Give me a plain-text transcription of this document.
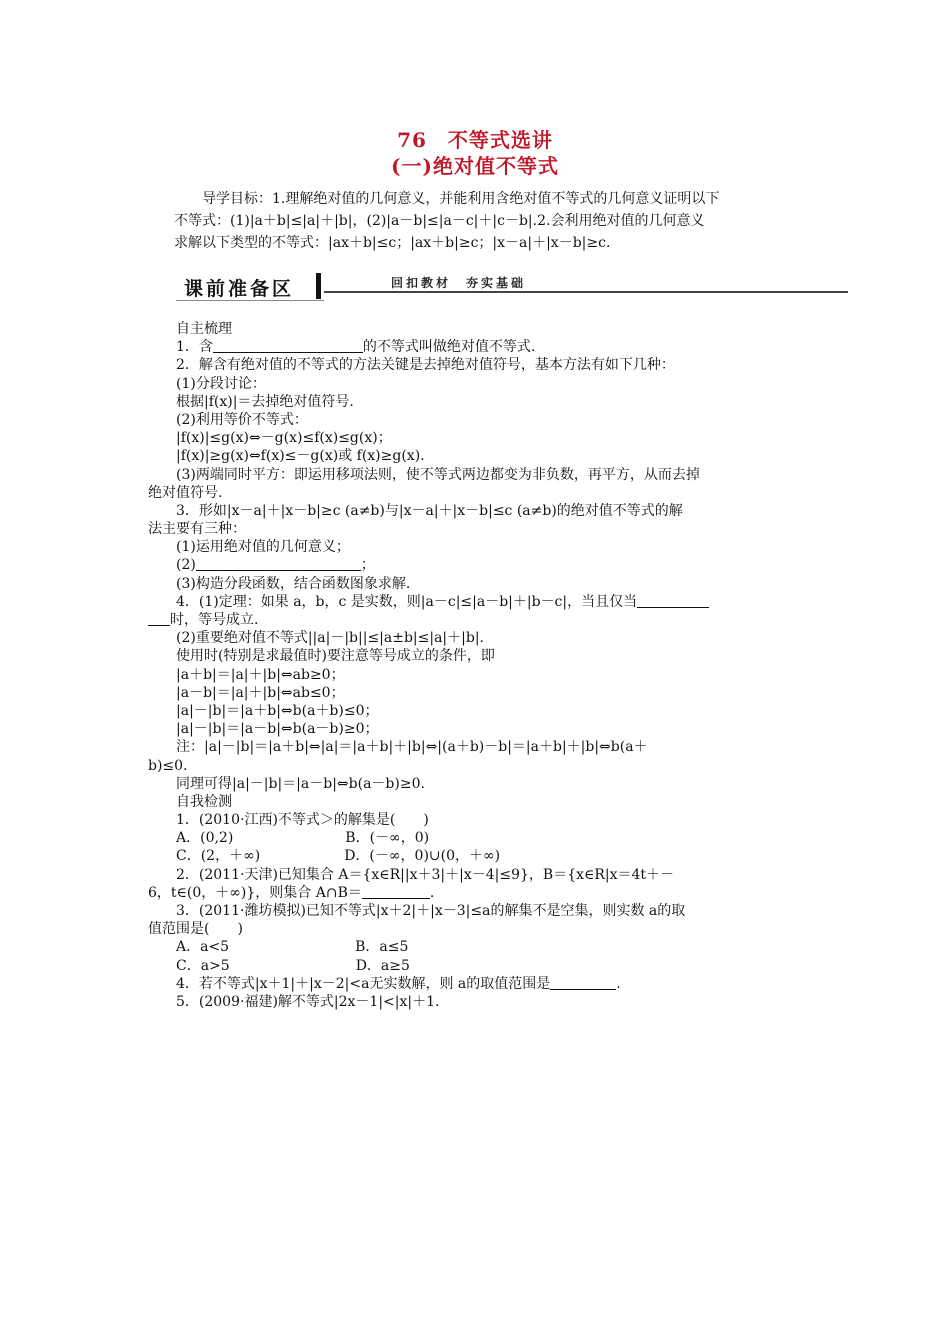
76　不等式选讲
(一)绝对值不等式

导学目标：1.理解绝对值的几何意义，并能利用含绝对值不等式的几何意义证明以下

不等式：(1)|a＋b|≤|a|＋|b|，(2)|a－b|≤|a－c|＋|c－b|.2.会利用绝对值的几何意义

求解以下类型的不等式：|ax＋b|≤c；|ax＋b|≥c；|x－a|＋|x－b|≥c.

课前准备区	回扣教材　夯实基础
自主梳理
1．含	的不等式叫做绝对值不等式.
2．解含有绝对值的不等式的方法关键是去掉绝对值符号，基本方法有如下几种：
(1)分段讨论：
根据|f(x)|＝去掉绝对值符号.
(2)利用等价不等式：
|f(x)|≤g(x)⇔－g(x)≤f(x)≤g(x)；
|f(x)|≥g(x)⇔f(x)≤－g(x)或 f(x)≥g(x).
(3)两端同时平方：即运用移项法则，使不等式两边都变为非负数，再平方，从而去掉
绝对值符号.
3．形如|x－a|＋|x－b|≥c (a≠b)与|x－a|＋|x－b|≤c (a≠b)的绝对值不等式的解
法主要有三种：
(1)运用绝对值的几何意义；
(2)	；
(3)构造分段函数，结合函数图象求解.
4．(1)定理：如果 a，b，c 是实数，则|a－c|≤|a－b|＋|b－c|，当且仅当
时，等号成立.
(2)重要绝对值不等式||a|－|b||≤|a±b|≤|a|＋|b|.
使用时(特别是求最值时)要注意等号成立的条件，即
|a＋b|＝|a|＋|b|⇔ab≥0；
|a－b|＝|a|＋|b|⇔ab≤0；
|a|－|b|＝|a＋b|⇔b(a＋b)≤0；
|a|－|b|＝|a－b|⇔b(a－b)≥0；
注：|a|－|b|＝|a＋b|⇔|a|＝|a＋b|＋|b|⇔|(a＋b)－b|＝|a＋b|＋|b|⇔b(a＋
b)≤0.
同理可得|a|－|b|＝|a－b|⇔b(a－b)≥0.
自我检测
1．(2010·江西)不等式＞的解集是(　　)
A．(0,2)　　　　　　　　B．(－∞，0)
C．(2，＋∞)　　　　　　D．(－∞，0)∪(0，＋∞)
2．(2011·天津)已知集合 A＝{x∈R||x＋3|＋|x－4|≤9}，B＝{x∈R|x＝4t＋－
6，t∈(0，＋∞)}，则集合 A∩B＝	.
3．(2011·潍坊模拟)已知不等式|x＋2|＋|x－3|≤a的解集不是空集，则实数 a的取
值范围是(　　)
A．a<5　　　　　　　　　B．a≤5
C．a>5　　　　　　　　　D．a≥5
4．若不等式|x＋1|＋|x－2|<a无实数解，则 a的取值范围是	.
5．(2009·福建)解不等式|2x－1|<|x|＋1.
